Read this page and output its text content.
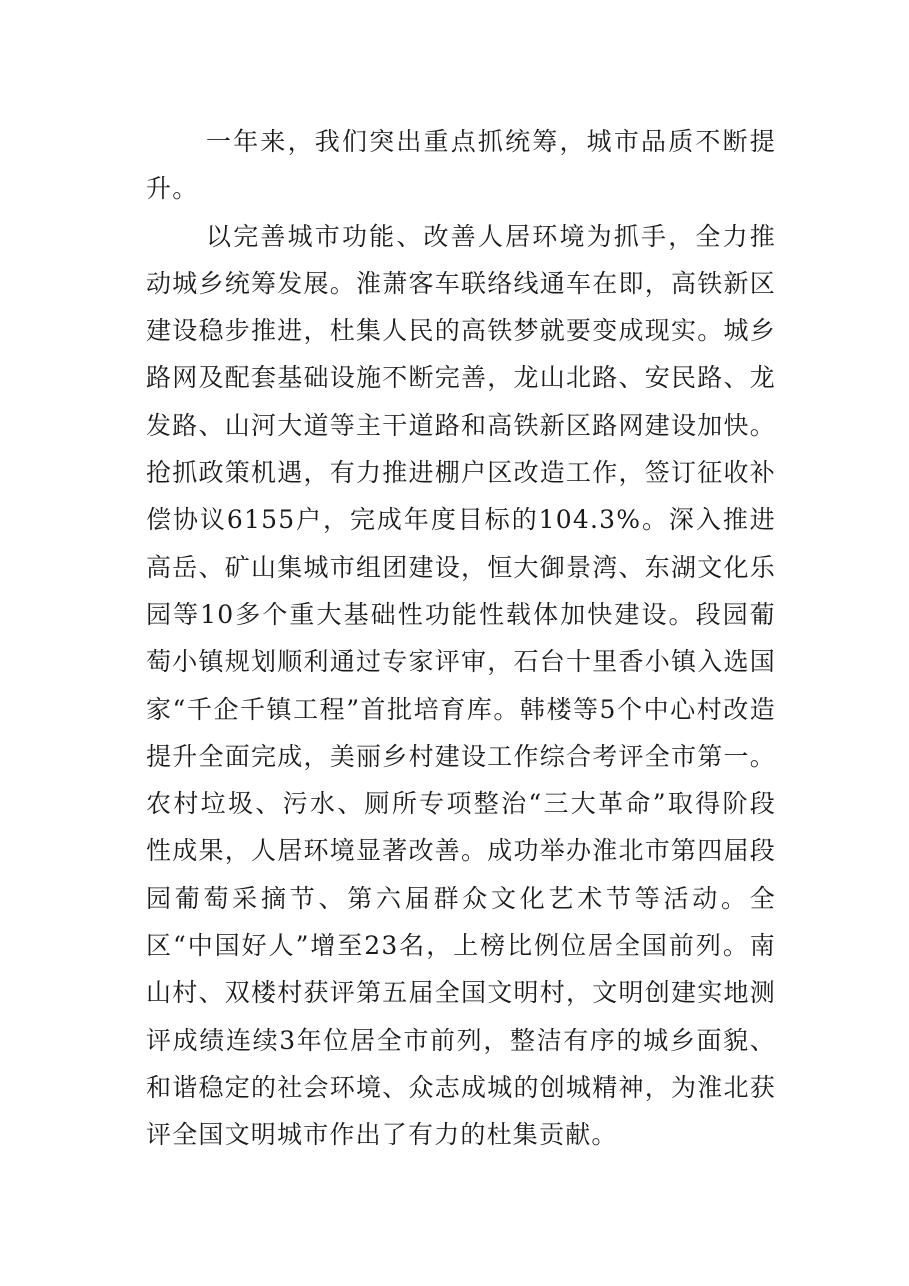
一年来，我们突出重点抓统筹，城市品质不断提升。

以完善城市功能、改善人居环境为抓手，全力推动城乡统筹发展。淮萧客车联络线通车在即，高铁新区建设稳步推进，杜集人民的高铁梦就要变成现实。城乡路网及配套基础设施不断完善，龙山北路、安民路、龙发路、山河大道等主干道路和高铁新区路网建设加快。抢抓政策机遇，有力推进棚户区改造工作，签订征收补偿协议6155户，完成年度目标的104.3%。深入推进高岳、矿山集城市组团建设，恒大御景湾、东湖文化乐园等10多个重大基础性功能性载体加快建设。段园葡萄小镇规划顺利通过专家评审，石台十里香小镇入选国家“千企千镇工程”首批培育库。韩楼等5个中心村改造提升全面完成，美丽乡村建设工作综合考评全市第一。农村垃圾、污水、厕所专项整治“三大革命”取得阶段性成果，人居环境显著改善。成功举办淮北市第四届段园葡萄采摘节、第六届群众文化艺术节等活动。全区“中国好人”增至23名，上榜比例位居全国前列。南山村、双楼村获评第五届全国文明村，文明创建实地测评成绩连续3年位居全市前列，整洁有序的城乡面貌、和谐稳定的社会环境、众志成城的创城精神，为淮北获评全国文明城市作出了有力的杜集贡献。
